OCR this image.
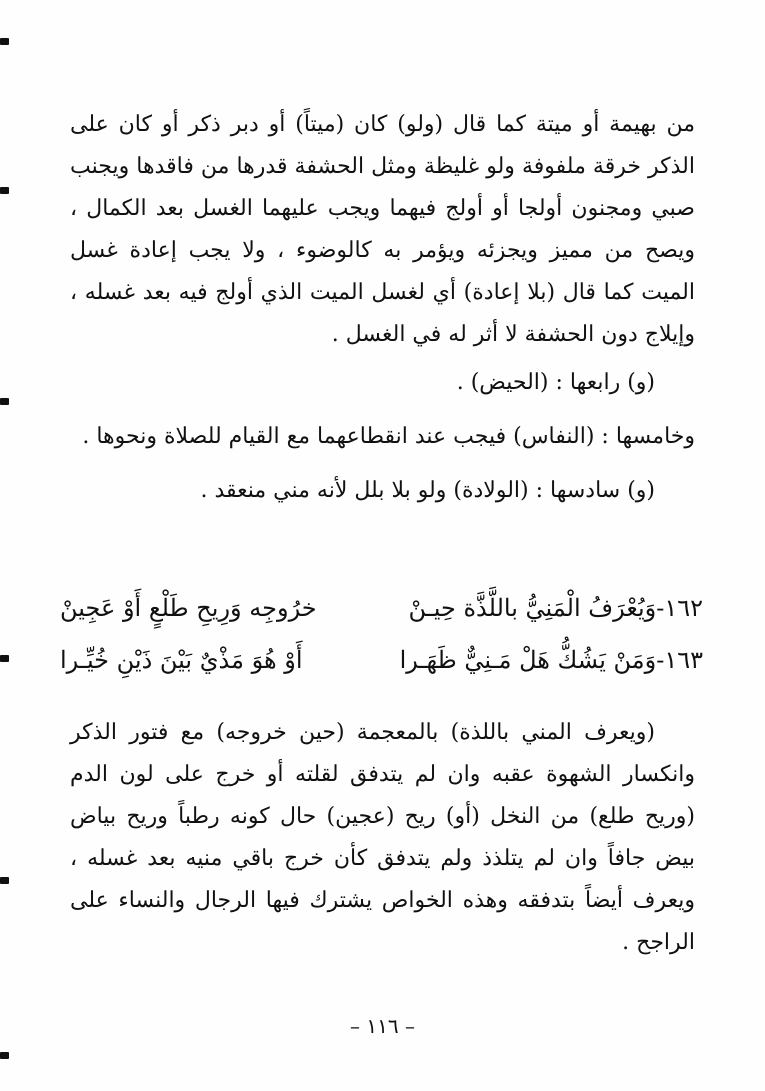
من بهيمة أو ميتة كما قال (ولو) كان (ميتاً) أو دبر ذكر أو كان على الذكر خرقة ملفوفة ولو غليظة ومثل الحشفة قدرها من فاقدها ويجنب صبي ومجنون أولجا أو أولج فيهما ويجب عليهما الغسل بعد الكمال ، ويصح من مميز ويجزئه ويؤمر به كالوضوء ، ولا يجب إعادة غسل الميت كما قال (بلا إعادة) أي لغسل الميت الذي أولج فيه بعد غسله ، وإيلاج دون الحشفة لا أثر له في الغسل .

(و) رابعها : (الحيض) .

وخامسها : (النفاس) فيجب عند انقطاعهما مع القيام للصلاة ونحوها .

(و) سادسها : (الولادة) ولو بلا بلل لأنه مني منعقد .

١٦٢-وَيُعْرَفُ الْمَنِيُّ باللَّذَّة حِيـنْ
خرُوجِه وَرِيحِ طَلْعٍ أَوْ عَجِينْ
١٦٣-وَمَنْ يَشُكُّ هَلْ مَـنِيٌّ ظَهَـرا
أَوْ هُوَ مَذْيٌ بَيْنَ ذَيْنِ خُيِّـرا

(ويعرف المني باللذة) بالمعجمة (حين خروجه) مع فتور الذكر وانكسار الشهوة عقبه وان لم يتدفق لقلته أو خرج على لون الدم (وريح طلع) من النخل (أو) ريح (عجين) حال كونه رطباً وريح بياض بيض جافاً وان لم يتلذذ ولم يتدفق كأن خرج باقي منيه بعد غسله ، ويعرف أيضاً بتدفقه وهذه الخواص يشترك فيها الرجال والنساء على الراجح .

– ١١٦ –
